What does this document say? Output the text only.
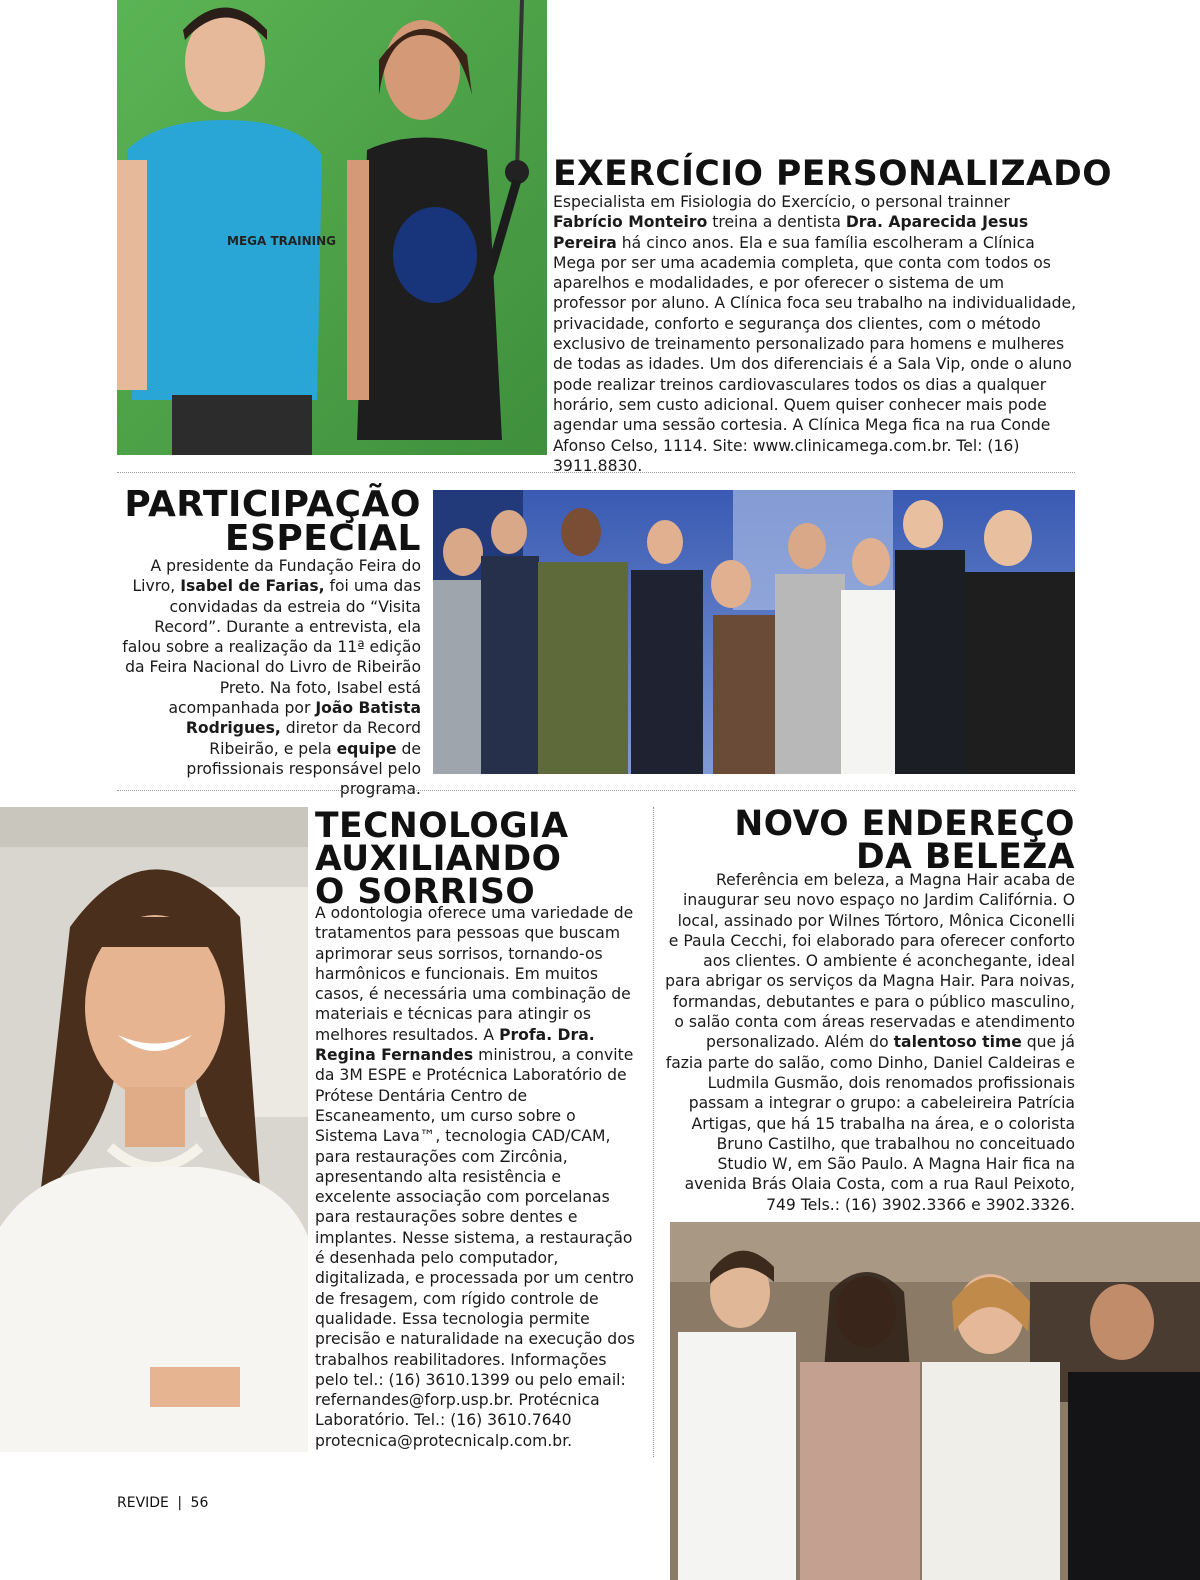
MEGA TRAINING
EXERCÍCIO PERSONALIZADO

Especialista em Fisiologia do Exercício, o personal trainner Fabrício Monteiro treina a dentista Dra. Aparecida Jesus Pereira há cinco anos. Ela e sua família escolheram a Clínica Mega por ser uma academia completa, que conta com todos os aparelhos e modalidades, e por oferecer o sistema de um professor por aluno. A Clínica foca seu trabalho na individualidade, privacidade, conforto e segurança dos clientes, com o método exclusivo de treinamento personalizado para homens e mulheres de todas as idades. Um dos diferenciais é a Sala Vip, onde o aluno pode realizar treinos cardiovasculares todos os dias a qualquer horário, sem custo adicional. Quem quiser conhecer mais pode agendar uma sessão cortesia. A Clínica Mega fica na rua Conde Afonso Celso, 1114. Site: www.clinicamega.com.br. Tel: (16) 3911.8830.

PARTICIPAÇÃO
ESPECIAL

A presidente da Fundação Feira do Livro, Isabel de Farias, foi uma das convidadas da estreia do “Visita Record”. Durante a entrevista, ela falou sobre a realização da 11ª edição da Feira Nacional do Livro de Ribeirão Preto. Na foto, Isabel está acompanhada por João Batista Rodrigues, diretor da Record Ribeirão, e pela equipe de profissionais responsável pelo programa.

TECNOLOGIA
AUXILIANDO
O SORRISO

A odontologia oferece uma variedade de tratamentos para pessoas que buscam aprimorar seus sorrisos, tornando-os harmônicos e funcionais. Em muitos casos, é necessária uma combinação de materiais e técnicas para atingir os melhores resultados. A Profa. Dra. Regina Fernandes ministrou, a convite da 3M ESPE e Protécnica Laboratório de Prótese Dentária Centro de Escaneamento, um curso sobre o Sistema Lava™, tecnologia CAD/CAM, para restaurações com Zircônia, apresentando alta resistência e excelente associação com porcelanas para restaurações sobre dentes e implantes. Nesse sistema, a restauração é desenhada pelo computador, digitalizada, e processada por um centro de fresagem, com rígido controle de qualidade. Essa tecnologia permite precisão e naturalidade na execução dos trabalhos reabilitadores. Informações pelo tel.: (16) 3610.1399 ou pelo email: refernandes@forp.usp.br. Protécnica Laboratório. Tel.: (16) 3610.7640 protecnica@protecnicalp.com.br.

NOVO ENDEREÇO
DA BELEZA

Referência em beleza, a Magna Hair acaba de inaugurar seu novo espaço no Jardim Califórnia. O local, assinado por Wilnes Tórtoro, Mônica Ciconelli e Paula Cecchi, foi elaborado para oferecer conforto aos clientes. O ambiente é aconchegante, ideal para abrigar os serviços da Magna Hair. Para noivas, formandas, debutantes e para o público masculino, o salão conta com áreas reservadas e atendimento personalizado. Além do talentoso time que já fazia parte do salão, como Dinho, Daniel Caldeiras e Ludmila Gusmão, dois renomados profissionais passam a integrar o grupo: a cabeleireira Patrícia Artigas, que há 15 trabalha na área, e o colorista Bruno Castilho, que trabalhou no conceituado Studio W, em São Paulo. A Magna Hair fica na avenida Brás Olaia Costa, com a rua Raul Peixoto, 749 Tels.: (16) 3902.3366 e 3902.3326.

REVIDE | 56
